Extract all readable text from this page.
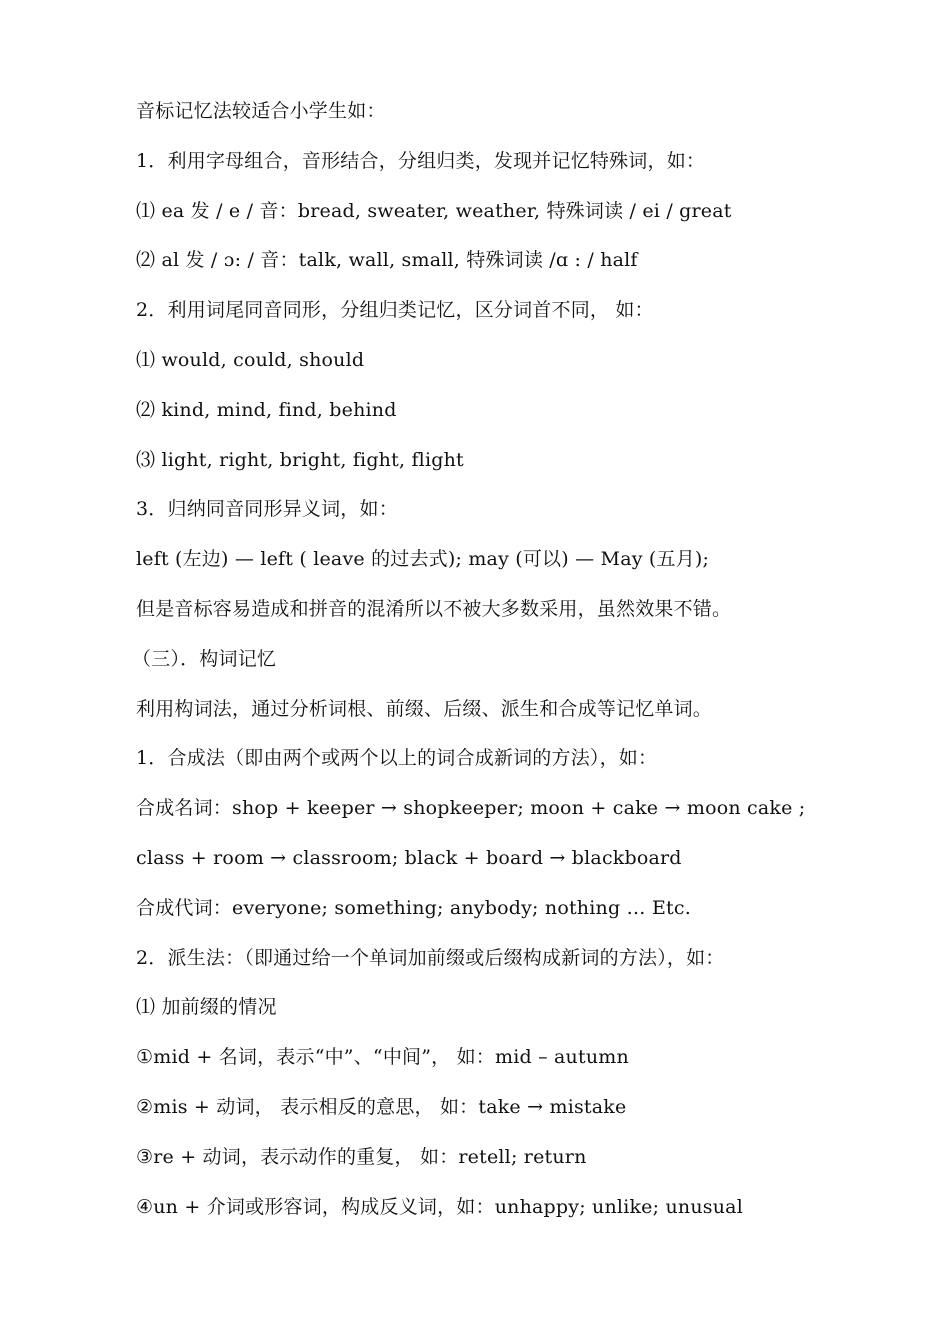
音标记忆法较适合小学生如：
1．利用字母组合，音形结合，分组归类，发现并记忆特殊词，如：
⑴ ea 发 / e / 音：bread, sweater, weather, 特殊词读 / ei / great
⑵ al 发 / ɔ: / 音：talk, wall, small, 特殊词读 /ɑ : / half
2．利用词尾同音同形，分组归类记忆，区分词首不同， 如：
⑴ would, could, should
⑵ kind, mind, find, behind
⑶ light, right, bright, fight, flight
3．归纳同音同形异义词，如：
left (左边) — left ( leave 的过去式); may (可以) — May (五月);
但是音标容易造成和拼音的混淆所以不被大多数采用，虽然效果不错。
（三）．构词记忆
利用构词法，通过分析词根、前缀、后缀、派生和合成等记忆单词。
1．合成法（即由两个或两个以上的词合成新词的方法），如：
合成名词：shop + keeper → shopkeeper; moon + cake → moon cake ;
class + room → classroom; black + board → blackboard
合成代词：everyone; something; anybody; nothing … Etc.
2．派生法：（即通过给一个单词加前缀或后缀构成新词的方法），如：
⑴ 加前缀的情况
①mid + 名词，表示“中”、“中间”， 如：mid – autumn
②mis + 动词， 表示相反的意思， 如：take → mistake
③re + 动词，表示动作的重复， 如：retell; return
④un + 介词或形容词，构成反义词，如：unhappy; unlike; unusual
